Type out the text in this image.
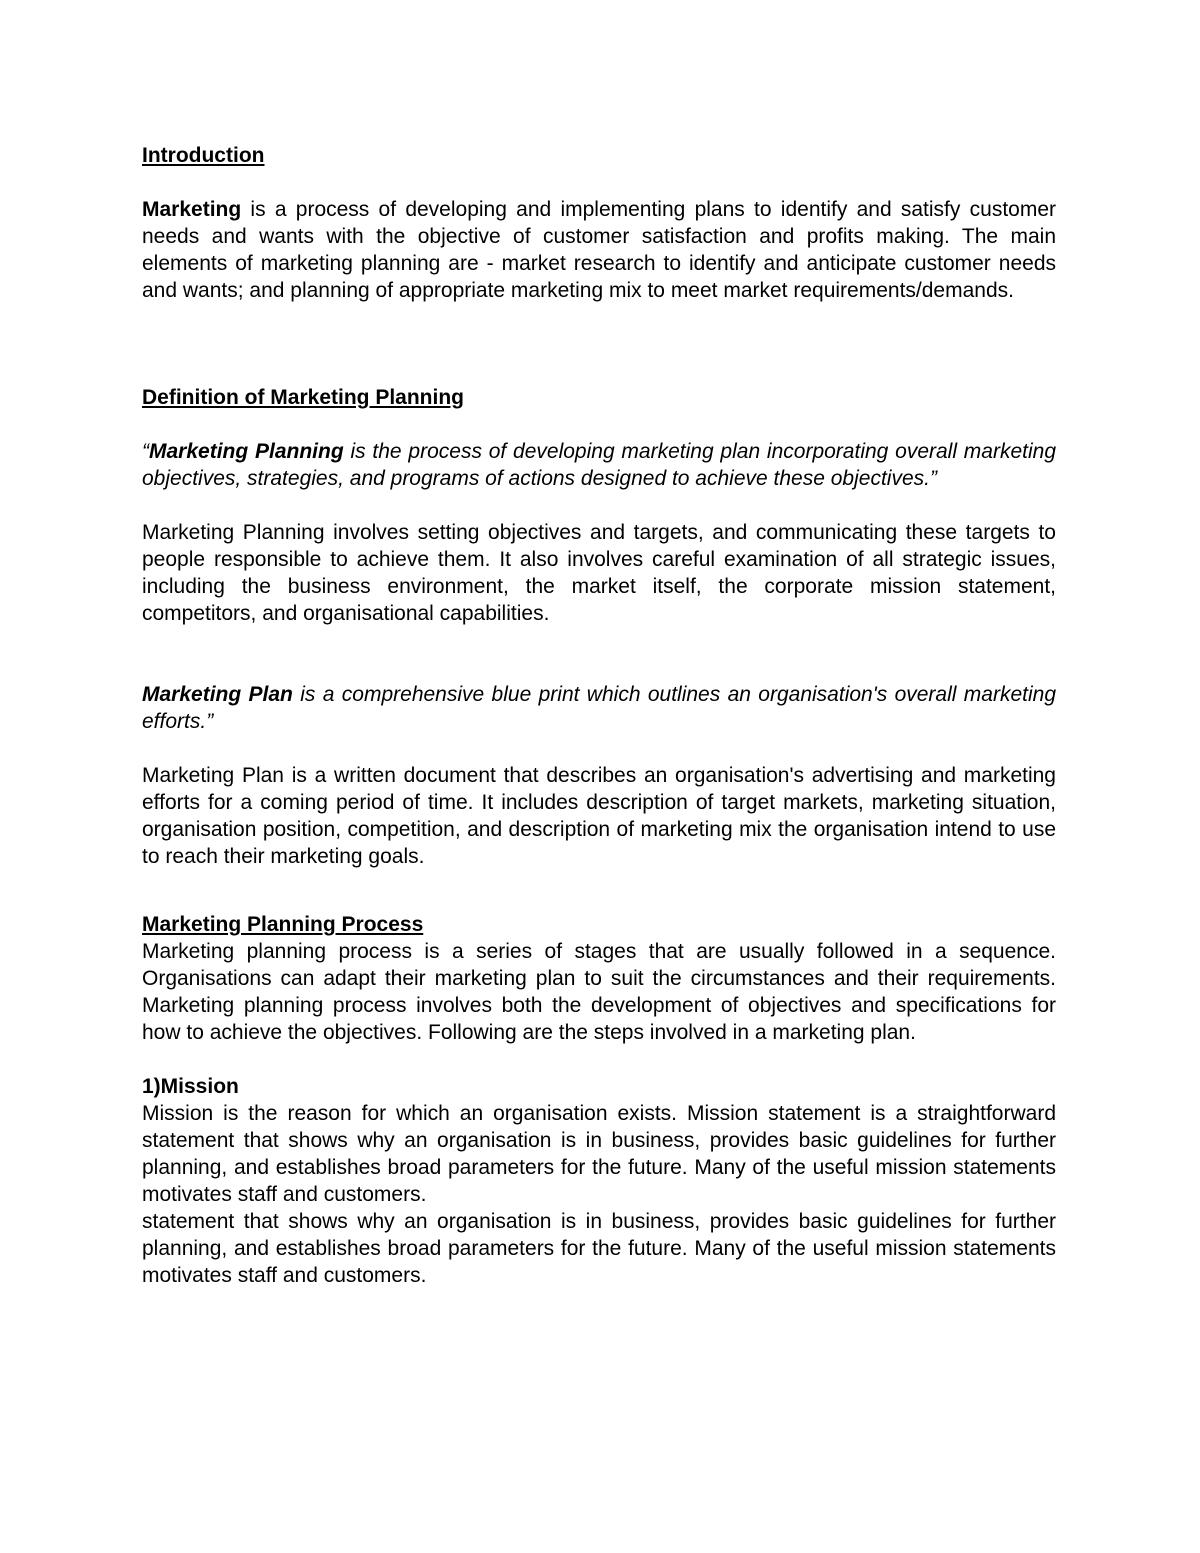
Introduction

Marketing is a process of developing and implementing plans to identify and satisfy customer needs and wants with the objective of customer satisfaction and profits making. The main elements of marketing planning are - market research to identify and anticipate customer needs and wants; and planning of appropriate marketing mix to meet market requirements/demands.

Definition of Marketing Planning

“Marketing Planning is the process of developing marketing plan incorporating overall marketing objectives, strategies, and programs of actions designed to achieve these objectives.”

Marketing Planning involves setting objectives and targets, and communicating these targets to people responsible to achieve them. It also involves careful examination of all strategic issues, including the business environment, the market itself, the corporate mission statement, competitors, and organisational capabilities.

Marketing Plan is a comprehensive blue print which outlines an organisation's overall marketing efforts.”

Marketing Plan is a written document that describes an organisation's advertising and marketing efforts for a coming period of time. It includes description of target markets, marketing situation, organisation position, competition, and description of marketing mix the organisation intend to use to reach their marketing goals.

Marketing Planning Process

Marketing planning process is a series of stages that are usually followed in a sequence. Organisations can adapt their marketing plan to suit the circumstances and their requirements. Marketing planning process involves both the development of objectives and specifications for how to achieve the objectives. Following are the steps involved in a marketing plan.

1)Mission

Mission is the reason for which an organisation exists. Mission statement is a straightforward statement that shows why an organisation is in business, provides basic guidelines for further planning, and establishes broad parameters for the future. Many of the useful mission statements motivates staff and customers.

statement that shows why an organisation is in business, provides basic guidelines for further planning, and establishes broad parameters for the future. Many of the useful mission statements motivates staff and customers.
